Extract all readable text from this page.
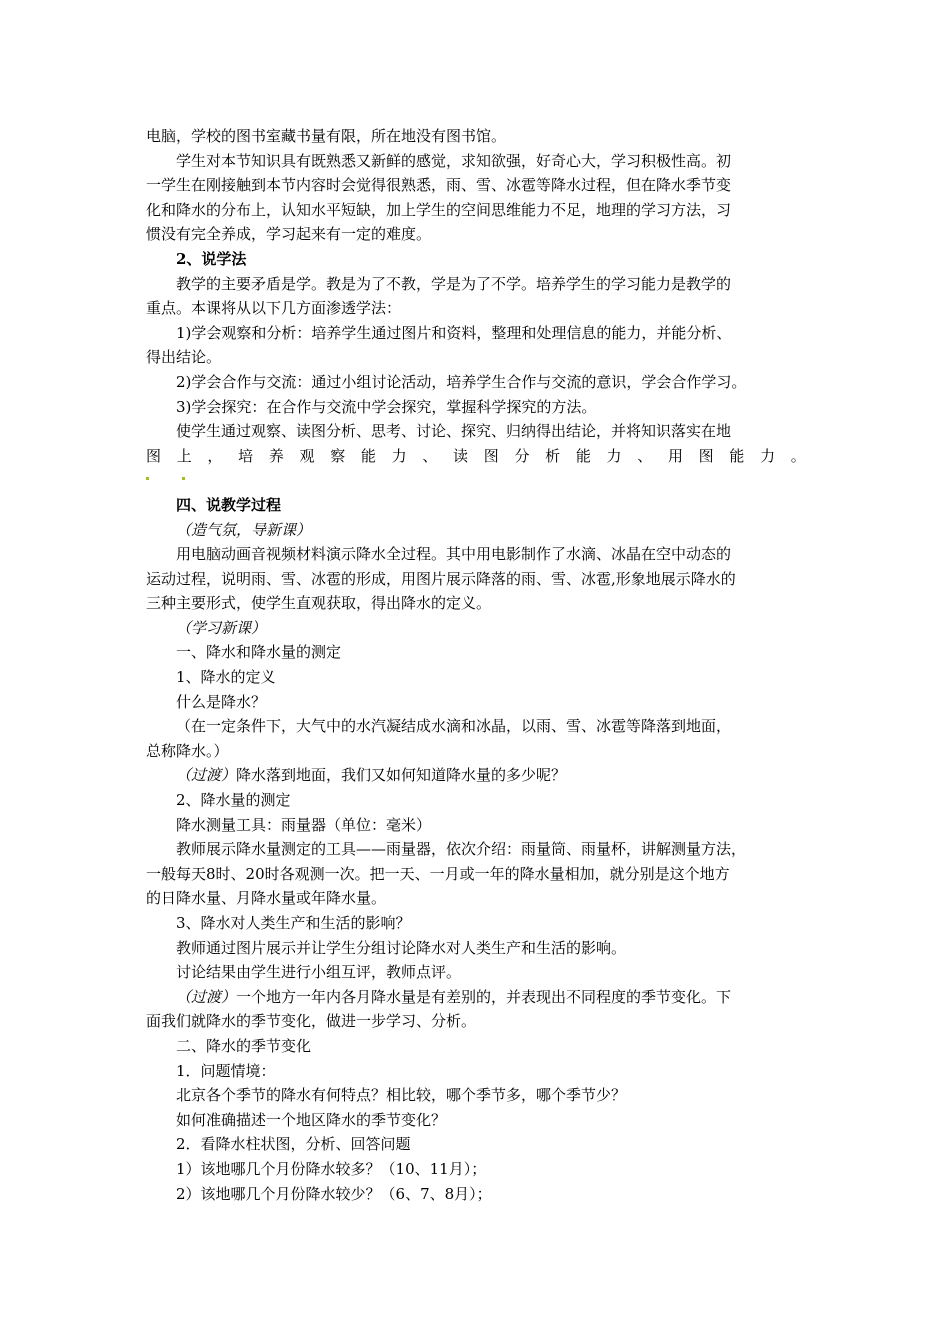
电脑，学校的图书室藏书量有限，所在地没有图书馆。
学生对本节知识具有既熟悉又新鲜的感觉，求知欲强，好奇心大，学习积极性高。初
一学生在刚接触到本节内容时会觉得很熟悉，雨、雪、冰雹等降水过程，但在降水季节变
化和降水的分布上，认知水平短缺，加上学生的空间思维能力不足，地理的学习方法，习
惯没有完全养成，学习起来有一定的难度。
2、说学法
教学的主要矛盾是学。教是为了不教，学是为了不学。培养学生的学习能力是教学的
重点。本课将从以下几方面渗透学法：
1)学会观察和分析：培养学生通过图片和资料，整理和处理信息的能力，并能分析、
得出结论。
2)学会合作与交流：通过小组讨论活动，培养学生合作与交流的意识，学会合作学习。
3)学会探究：在合作与交流中学会探究，掌握科学探究的方法。
使学生通过观察、读图分析、思考、讨论、探究、归纳得出结论，并将知识落实在地
图 上 ， 培 养 观 察 能 力 、 读 图 分 析 能 力 、 用 图 能 力 。
四、说教学过程
（造气氛，导新课）
用电脑动画音视频材料演示降水全过程。其中用电影制作了水滴、冰晶在空中动态的
运动过程，说明雨、雪、冰雹的形成，用图片展示降落的雨、雪、冰雹,形象地展示降水的
三种主要形式，使学生直观获取，得出降水的定义。
（学习新课）
一、降水和降水量的测定
1、降水的定义
什么是降水？
（在一定条件下，大气中的水汽凝结成水滴和冰晶，以雨、雪、冰雹等降落到地面，
总称降水。）
（过渡）降水落到地面，我们又如何知道降水量的多少呢？
2、降水量的测定
降水测量工具：雨量器（单位：毫米）
教师展示降水量测定的工具——雨量器，依次介绍：雨量筒、雨量杯，讲解测量方法，
一般每天8时、20时各观测一次。把一天、一月或一年的降水量相加，就分别是这个地方
的日降水量、月降水量或年降水量。
3、降水对人类生产和生活的影响？
教师通过图片展示并让学生分组讨论降水对人类生产和生活的影响。
讨论结果由学生进行小组互评，教师点评。
（过渡）一个地方一年内各月降水量是有差别的，并表现出不同程度的季节变化。下
面我们就降水的季节变化，做进一步学习、分析。
二、降水的季节变化
1．问题情境：
北京各个季节的降水有何特点？相比较，哪个季节多，哪个季节少？
如何准确描述一个地区降水的季节变化？
2．看降水柱状图，分析、回答问题
1）该地哪几个月份降水较多？（10、11月）；
2）该地哪几个月份降水较少？（6、7、8月）；
